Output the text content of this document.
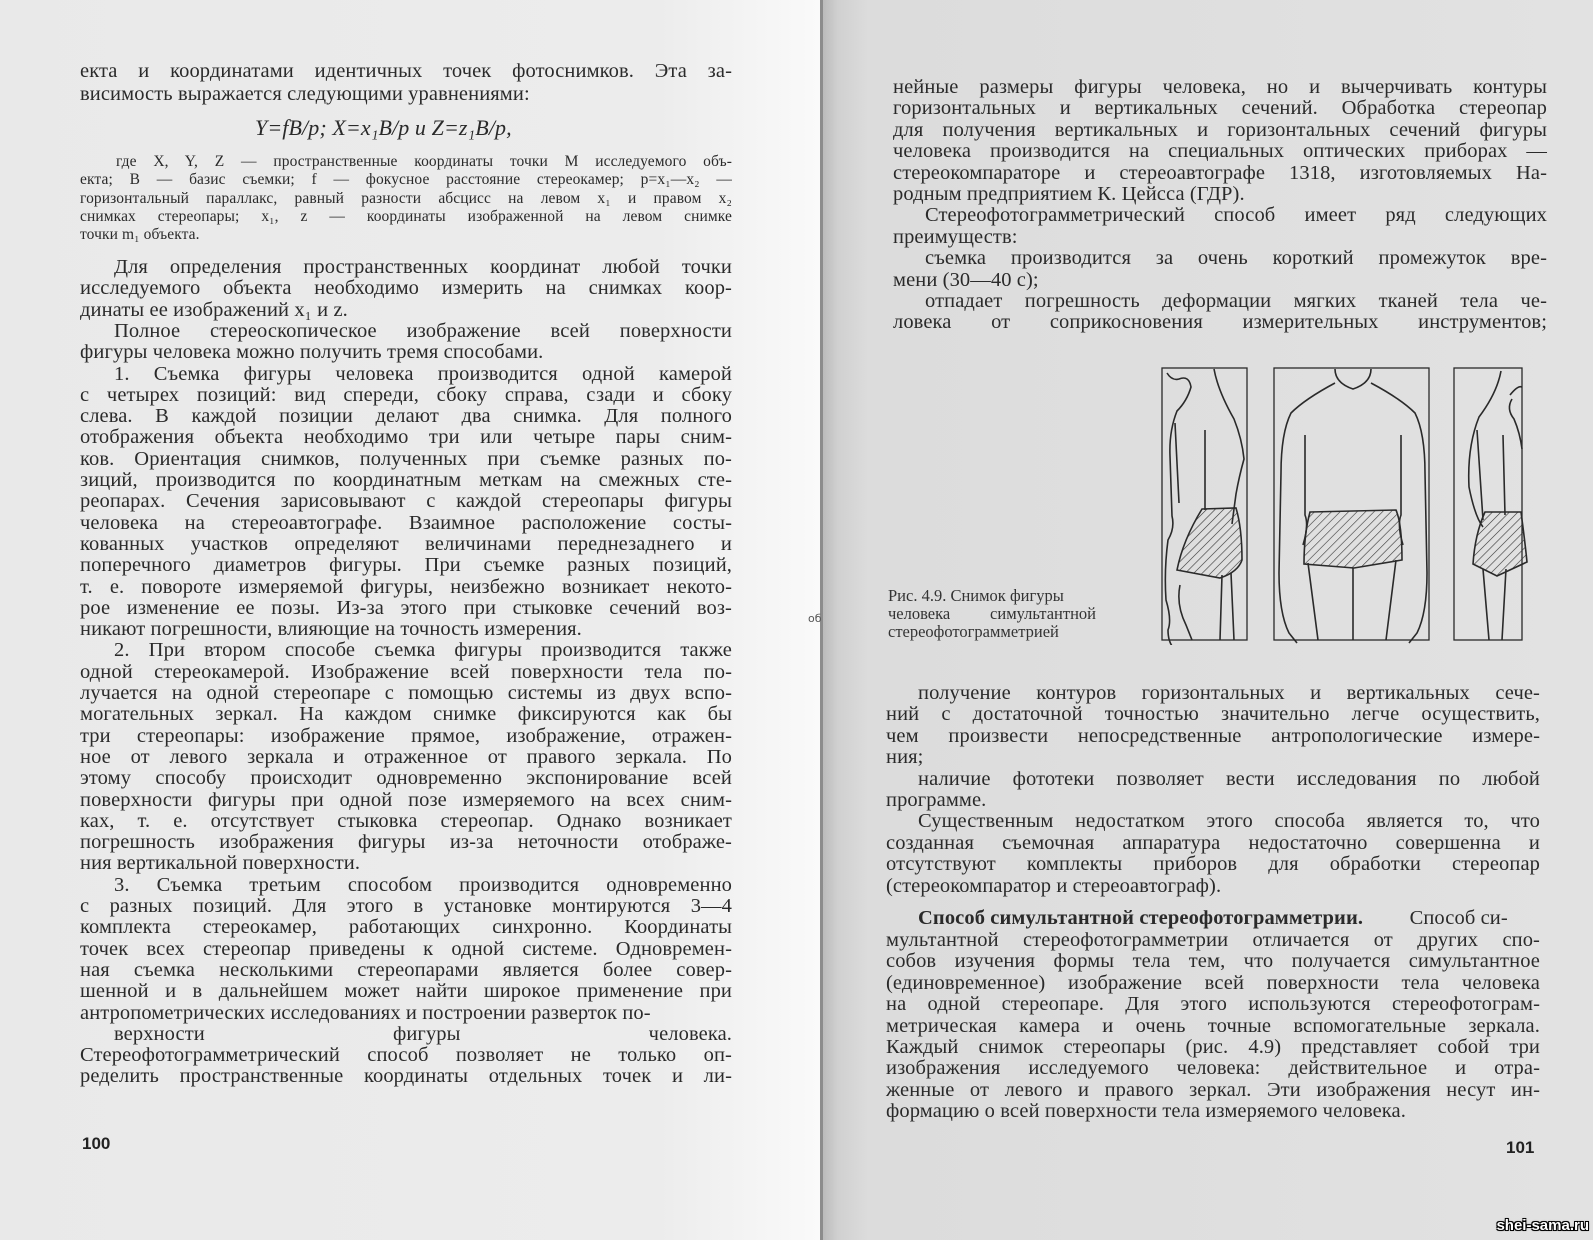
об
екта и координатами идентичных точек фотоснимков. Эта за-
висимость выражается следующими уравнениями:
Y=fB/p; X=x₁B/p и Z=z₁B/p,
где X, Y, Z — пространственные координаты точки M исследуемого объ-
екта; B — базис съемки; f — фокусное расстояние стереокамер; p=x₁—x₂ —
горизонтальный параллакс, равный разности абсцисс на левом x₁ и правом x₂
снимках стереопары; x₁, z — координаты изображенной на левом снимке
точки m₁ объекта.
Для определения пространственных координат любой точки
исследуемого объекта необходимо измерить на снимках коор-
динаты ее изображений x₁ и z.
Полное стереоскопическое изображение всей поверхности
фигуры человека можно получить тремя способами.
1. Съемка фигуры человека производится одной камерой
с четырех позиций: вид спереди, сбоку справа, сзади и сбоку
слева. В каждой позиции делают два снимка. Для полного
отображения объекта необходимо три или четыре пары сним-
ков. Ориентация снимков, полученных при съемке разных по-
зиций, производится по координатным меткам на смежных сте-
реопарах. Сечения зарисовывают с каждой стереопары фигуры
человека на стереоавтографе. Взаимное расположение состы-
кованных участков определяют величинами переднезаднего и
поперечного диаметров фигуры. При съемке разных позиций,
т. е. повороте измеряемой фигуры, неизбежно возникает некото-
рое изменение ее позы. Из-за этого при стыковке сечений воз-
никают погрешности, влияющие на точность измерения.
2. При втором способе съемка фигуры производится также
одной стереокамерой. Изображение всей поверхности тела по-
лучается на одной стереопаре с помощью системы из двух вспо-
могательных зеркал. На каждом снимке фиксируются как бы
три стереопары: изображение прямое, изображение, отражен-
ное от левого зеркала и отраженное от правого зеркала. По
этому способу происходит одновременно экспонирование всей
поверхности фигуры при одной позе измеряемого на всех сним-
ках, т. е. отсутствует стыковка стереопар. Однако возникает
погрешность изображения фигуры из-за неточности отображе-
ния вертикальной поверхности.
3. Съемка третьим способом производится одновременно
с разных позиций. Для этого в установке монтируются 3—4
комплекта стереокамер, работающих синхронно. Координаты
точек всех стереопар приведены к одной системе. Одновремен-
ная съемка несколькими стереопарами является более совер-
шенной и в дальнейшем может найти широкое применение при
антропометрических исследованиях и построении разверток по-
верхности фигуры человека.
Стереофотограмметрический способ позволяет не только оп-
ределить пространственные координаты отдельных точек и ли-
100
нейные размеры фигуры человека, но и вычерчивать контуры
горизонтальных и вертикальных сечений. Обработка стереопар
для получения вертикальных и горизонтальных сечений фигуры
человека производится на специальных оптических приборах —
стереокомпараторе и стереоавтографе 1318, изготовляемых На-
родным предприятием К. Цейсса (ГДР).
Стереофотограмметрический способ имеет ряд следующих
преимуществ:
съемка производится за очень короткий промежуток вре-
мени (30—40 с);
отпадает погрешность деформации мягких тканей тела че-
ловека от соприкосновения измерительных инструментов;
Рис. 4.9. Снимок фигуры
человека симультантной
стереофотограмметрией
получение контуров горизонтальных и вертикальных сече-
ний с достаточной точностью значительно легче осуществить,
чем произвести непосредственные антропологические измере-
ния;
наличие фототеки позволяет вести исследования по любой
программе.
Существенным недостатком этого способа является то, что
созданная съемочная аппаратура недостаточно совершенна и
отсутствуют комплекты приборов для обработки стереопар
(стереокомпаратор и стереоавтограф).
Способ симультантной стереофотограмметрии. Способ си-
мультантной стереофотограмметрии отличается от других спо-
собов изучения формы тела тем, что получается симультантное
(единовременное) изображение всей поверхности тела человека
на одной стереопаре. Для этого используются стереофотограм-
метрическая камера и очень точные вспомогательные зеркала.
Каждый снимок стереопары (рис. 4.9) представляет собой три
изображения исследуемого человека: действительное и отра-
женные от левого и правого зеркал. Эти изображения несут ин-
формацию о всей поверхности тела измеряемого человека.
101
shei-sama.ru
